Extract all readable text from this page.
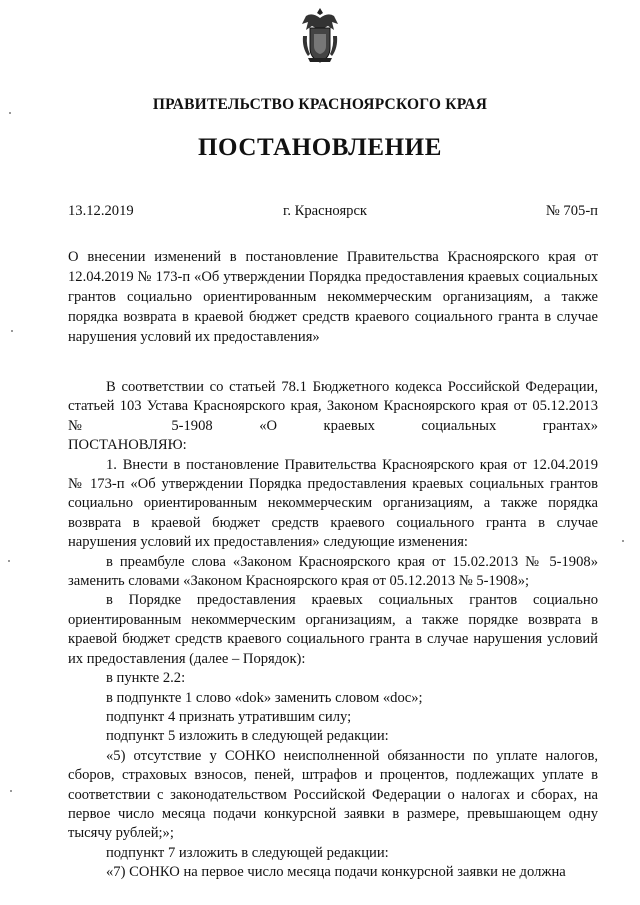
ПРАВИТЕЛЬСТВО КРАСНОЯРСКОГО КРАЯ
ПОСТАНОВЛЕНИЕ
13.12.2019	г. Красноярск	№ 705-п

О внесении изменений в постановление Правительства Красноярского края от 12.04.2019 № 173-п «Об утверждении Порядка предоставления краевых социальных грантов социально ориентированным некоммерческим организациям, а также порядка возврата в краевой бюджет средств краевого социального гранта в случае нарушения условий их предоставления»

В соответствии со статьей 78.1 Бюджетного кодекса Российской Федерации, статьей 103 Устава Красноярского края, Законом Красноярского края от 05.12.2013 № 5-1908 «О краевых социальных грантах»

ПОСТАНОВЛЯЮ:

1. Внести в постановление Правительства Красноярского края от 12.04.2019 № 173-п «Об утверждении Порядка предоставления краевых социальных грантов социально ориентированным некоммерческим организациям, а также порядка возврата в краевой бюджет средств краевого социального гранта в случае нарушения условий их предоставления» следующие изменения:

в преамбуле слова «Законом Красноярского края от 15.02.2013 № 5-1908» заменить словами «Законом Красноярского края от 05.12.2013 № 5-1908»;

в Порядке предоставления краевых социальных грантов социально ориентированным некоммерческим организациям, а также порядке возврата в краевой бюджет средств краевого социального гранта в случае нарушения условий их предоставления (далее – Порядок):

в пункте 2.2:

в подпункте 1 слово «dok» заменить словом «doc»;

подпункт 4 признать утратившим силу;

подпункт 5 изложить в следующей редакции:

«5) отсутствие у СОНКО неисполненной обязанности по уплате налогов, сборов, страховых взносов, пеней, штрафов и процентов, подлежащих уплате в соответствии с законодательством Российской Федерации о налогах и сборах, на первое число месяца подачи конкурсной заявки в размере, превышающем одну тысячу рублей;»;

подпункт 7 изложить в следующей редакции:

«7) СОНКО на первое число месяца подачи конкурсной заявки не должна
